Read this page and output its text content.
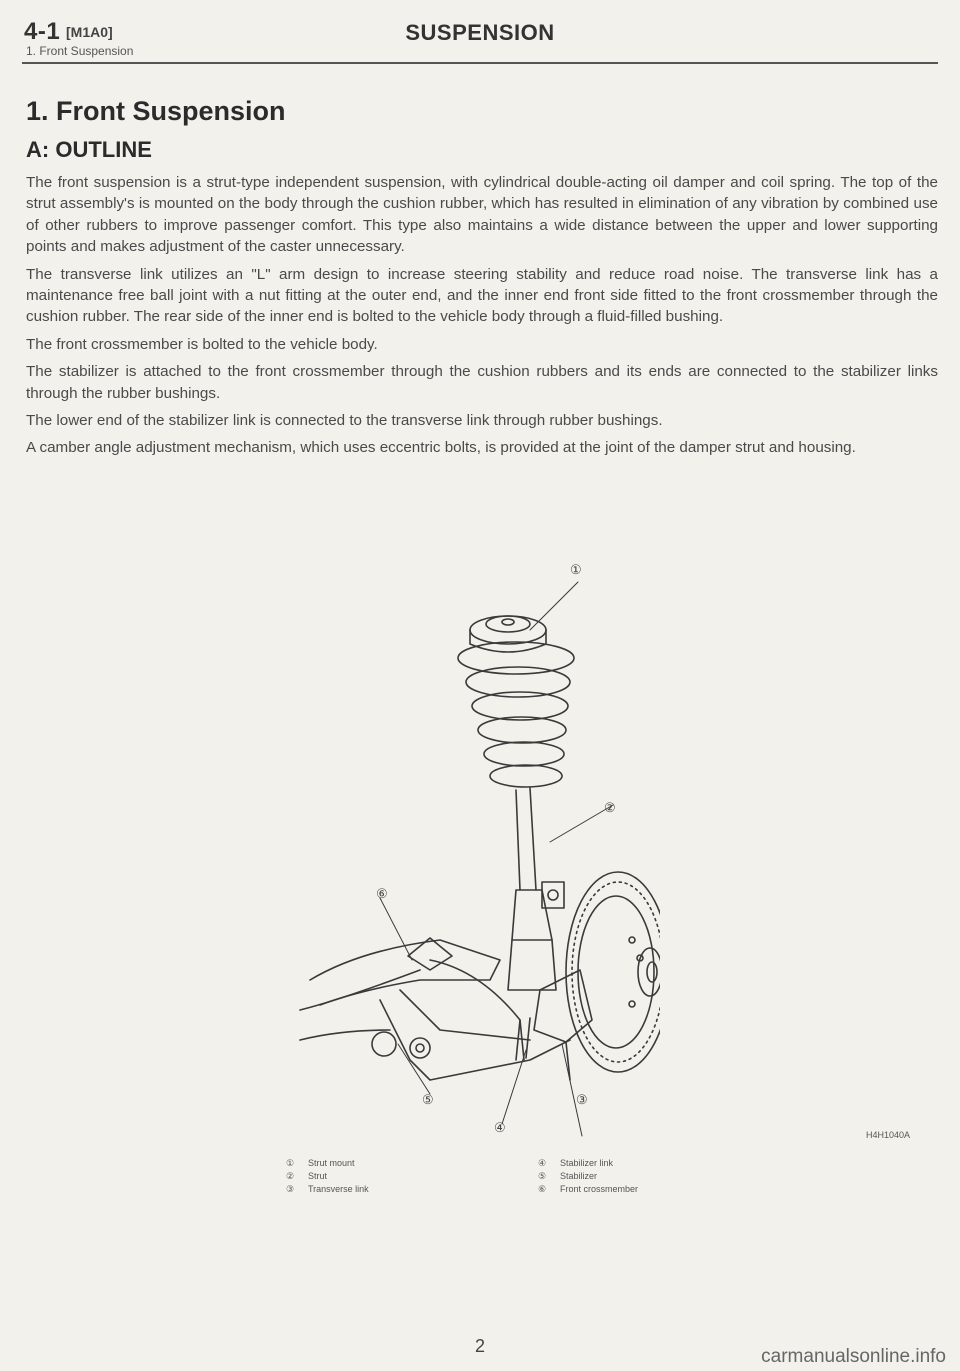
4-1 [M1A0]
1. Front Suspension
SUSPENSION
1. Front Suspension
A: OUTLINE

The front suspension is a strut-type independent suspension, with cylindrical double-acting oil damper and coil spring. The top of the strut assembly's is mounted on the body through the cushion rubber, which has resulted in elimination of any vibration by combined use of other rubbers to improve passenger comfort. This type also maintains a wide distance between the upper and lower supporting points and makes adjustment of the caster unnecessary.

The transverse link utilizes an "L" arm design to increase steering stability and reduce road noise. The transverse link has a maintenance free ball joint with a nut fitting at the outer end, and the inner end front side fitted to the front crossmember through the cushion rubber. The rear side of the inner end is bolted to the vehicle body through a fluid-filled bushing.

The front crossmember is bolted to the vehicle body.

The stabilizer is attached to the front crossmember through the cushion rubbers and its ends are connected to the stabilizer links through the rubber bushings.

The lower end of the stabilizer link is connected to the transverse link through rubber bushings.

A camber angle adjustment mechanism, which uses eccentric bolts, is provided at the joint of the damper strut and housing.

①
②
⑥
⑤
④
③
H4H1040A
①	Strut mount
②	Strut
③	Transverse link
④	Stabilizer link
⑤	Stabilizer
⑥	Front crossmember
2	carmanualsonline.info
